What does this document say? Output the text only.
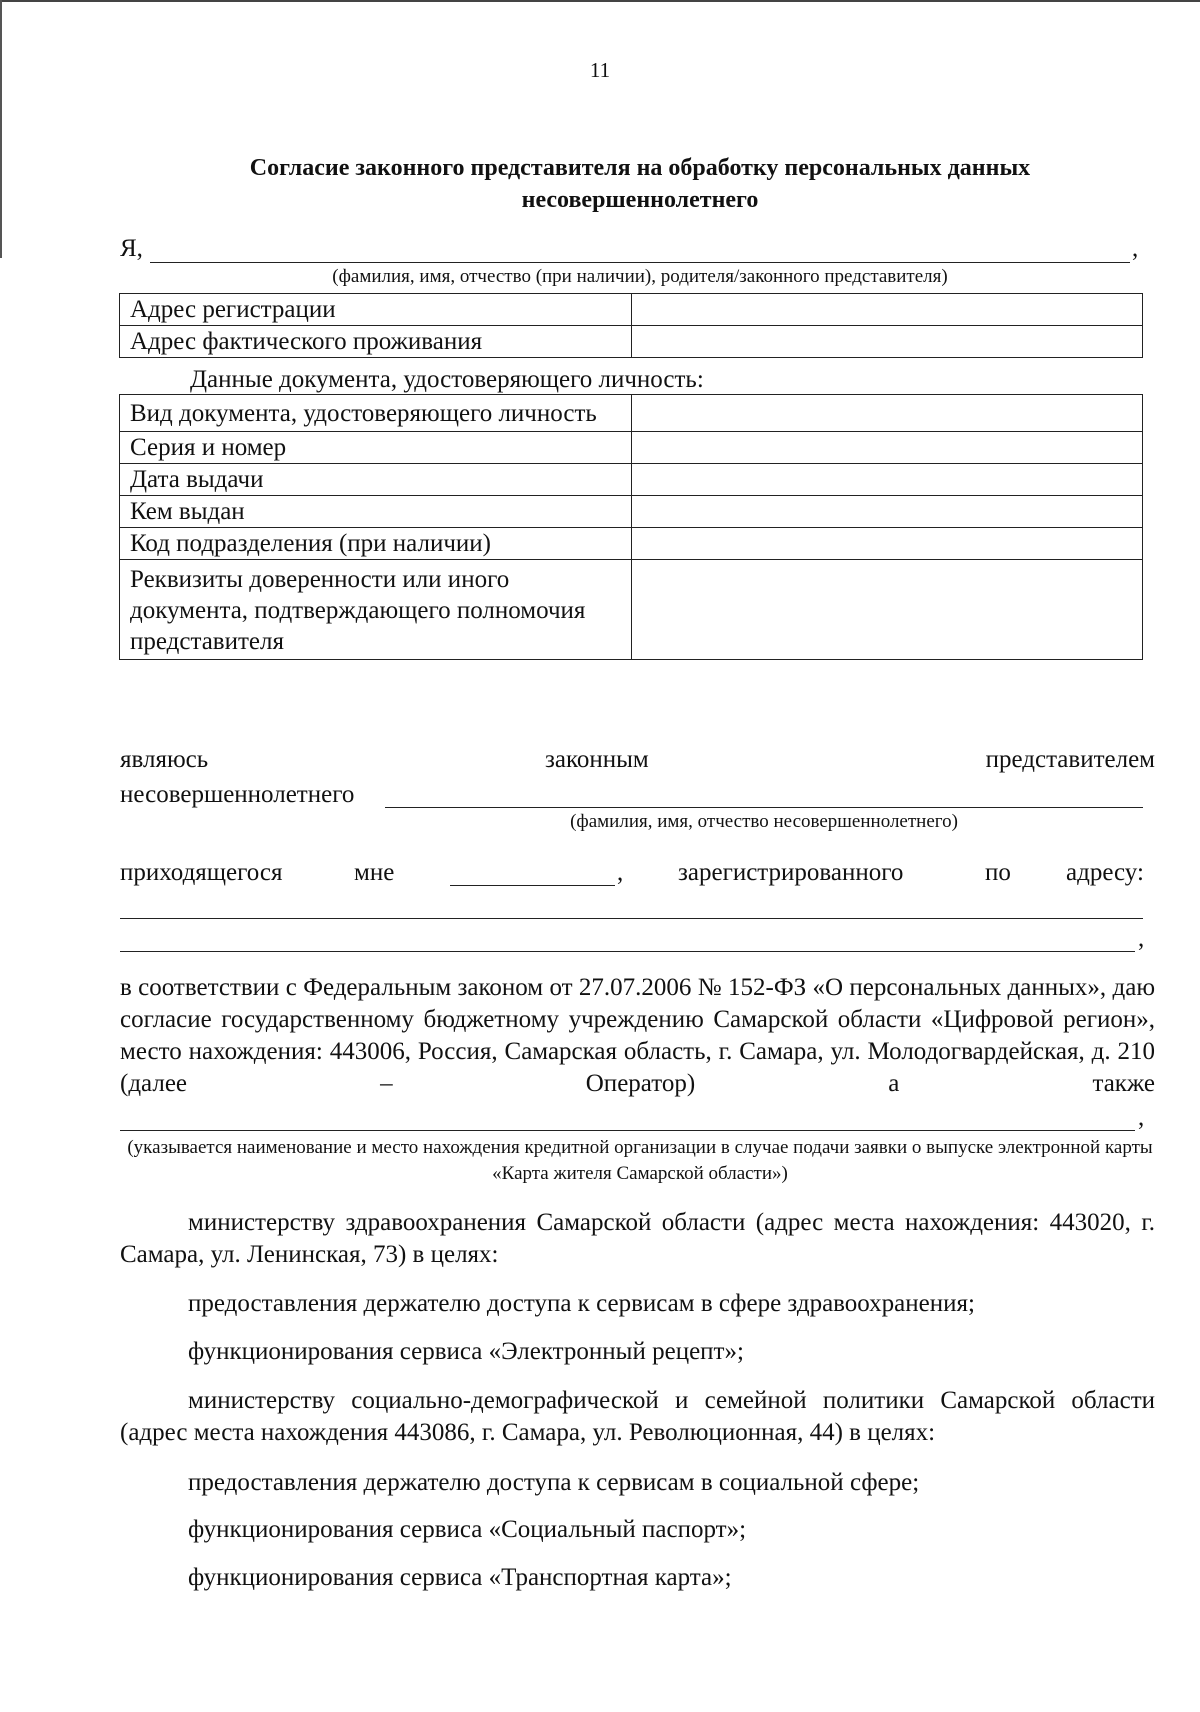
11
Согласие законного представителя на обработку персональных данных
несовершеннолетнего
Я,	,
(фамилия, имя, отчество (при наличии), родителя/законного представителя)
Адрес регистрации	
Адрес фактического проживания	
Данные документа, удостоверяющего личность:
Вид документа, удостоверяющего личность	
Серия и номер	
Дата выдачи	
Кем выдан	
Код подразделения (при наличии)	
Реквизиты доверенности или иного документа, подтверждающего полномочия представителя	
являюсь	законным	представителем
несовершеннолетнего
(фамилия, имя, отчество несовершеннолетнего)
приходящегося	мне	, зарегистрированного	по адресу:
,
в соответствии с Федеральным законом от 27.07.2006 № 152-ФЗ «О персональных данных», даю согласие государственному бюджетному учреждению Самарской области «Цифровой регион», место нахождения: 443006, Россия, Самарская область, г. Самара, ул. Молодогвардейская, д. 210 (далее – Оператор) а также
,
(указывается наименование и место нахождения кредитной организации в случае подачи заявки о выпуске электронной карты «Карта жителя Самарской области»)
министерству здравоохранения Самарской области (адрес места нахождения: 443020, г. Самара, ул. Ленинская, 73) в целях:
предоставления держателю доступа к сервисам в сфере здравоохранения;
функционирования сервиса «Электронный рецепт»;
министерству социально-демографической и семейной политики Самарской области (адрес места нахождения 443086, г. Самара, ул. Революционная, 44) в целях:
предоставления держателю доступа к сервисам в социальной сфере;
функционирования сервиса «Социальный паспорт»;
функционирования сервиса «Транспортная карта»;
